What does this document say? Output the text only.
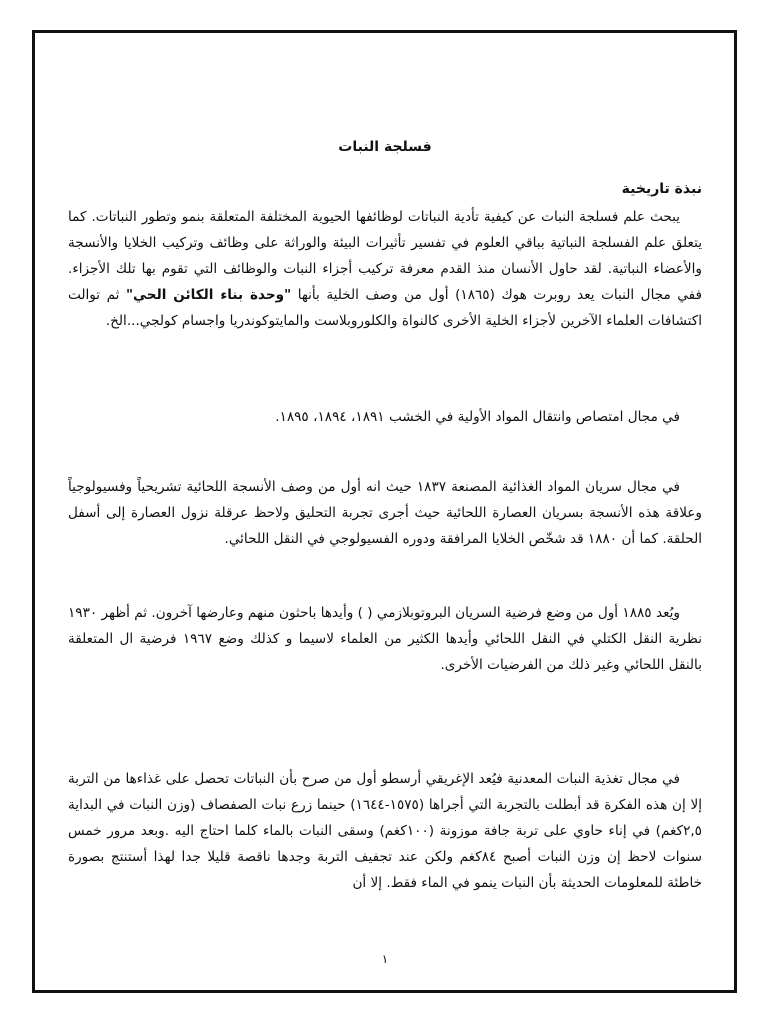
فسلجة النبات
نبذة تاريخية

يبحث علم فسلجة النبات عن كيفية تأدية النباتات لوظائفها الحيوية المختلفة المتعلقة بنمو وتطور النباتات. كما يتعلق علم الفسلجة النباتية بباقي العلوم في تفسير تأثيرات البيئة والوراثة على وظائف وتركيب الخلايا والأنسجة والأعضاء النباتية. لقد حاول الأنسان منذ القدم معرفة تركيب أجزاء النبات والوظائف التي تقوم بها تلك الأجزاء. ففي مجال النبات يعد روبرت هوك (١٨٦٥) أول من وصف الخلية بأنها "وحدة بناء الكائن الحي" ثم توالت اكتشافات العلماء الآخرين لأجزاء الخلية الأخرى كالنواة والكلوروبلاست والمايتوكوندريا واجسام كولجي...الخ.

في مجال امتصاص وانتقال المواد الأولية في الخشب ١٨٩١، ١٨٩٤، ١٨٩٥.

في مجال سريان المواد الغذائية المصنعة ١٨٣٧ حيث انه أول من وصف الأنسجة اللحائية تشريحياً وفسيولوجياً وعلاقة هذه الأنسجة بسريان العصارة اللحائية حيث أجرى تجربة التحليق ولاحظ عرقلة نزول العصارة إلى أسفل الحلقة. كما أن ١٨٨٠ قد شخّص الخلايا المرافقة ودوره الفسيولوجي في النقل اللحائي.

ويُعد ١٨٨٥ أول من وضع فرضية السريان البروتوبلازمي ( ) وأيدها باحثون منهم وعارضها آخرون. ثم أظهر ١٩٣٠ نظرية النقل الكتلي في النقل اللحائي وأيدها الكثير من العلماء لاسيما و كذلك وضع ١٩٦٧ فرضية ال المتعلقة بالنقل اللحائي وغير ذلك من الفرضيات الأخرى.

في مجال تغذية النبات المعدنية فيُعد الإغريقي أرسطو أول من صرح بأن النباتات تحصل على غذاءها من التربة إلا إن هذه الفكرة قد أبطلت بالتجربة التي أجراها (١٥٧٥-١٦٤٤) حينما زرع نبات الصفصاف (وزن النبات في البداية ٢,٥كغم) في إناء حاوي على تربة جافة موزونة (١٠٠كغم) وسقى النبات بالماء كلما احتاج اليه .وبعد مرور خمس سنوات لاحظ إن وزن النبات أصبح ٨٤كغم ولكن عند تجفيف التربة وجدها ناقصة قليلا جدا لهذا أستنتج بصورة خاطئة للمعلومات الحديثة بأن النبات ينمو في الماء فقط. إلا أن

١
